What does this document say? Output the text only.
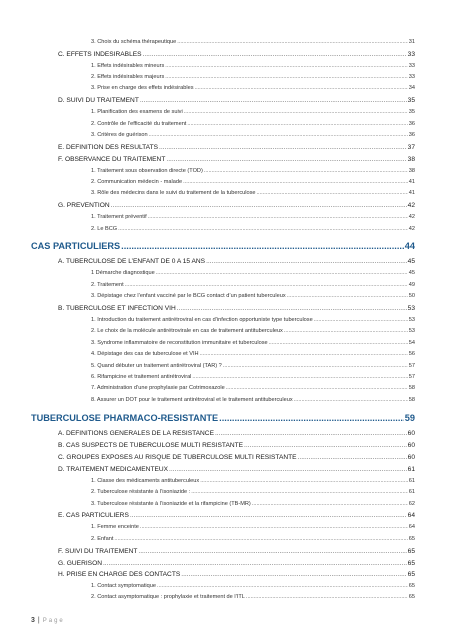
3. Choix du schéma thérapeutique .....	31
C. EFFETS INDESIRABLES .....	33
1. Effets indésirables mineurs .....	33
2. Effets indésirables majeurs .....	33
3. Prise en charge des effets indésirables .....	34
D. SUIVI DU TRAITEMENT .....	35
1. Planification des examens de suivi .....	35
2. Contrôle de l’efficacité du traitement .....	36
3. Critères de guérison .....	36
E. DEFINITION DES RESULTATS .....	37
F. OBSERVANCE DU TRAITEMENT .....	38
1. Traitement sous observation directe (TOD) .....	38
2. Communication médecin - malade .....	41
3. Rôle des médecins dans le suivi du traitement de la tuberculose .....	41
G. PREVENTION .....	42
1. Traitement préventif .....	42
2. Le BCG .....	42
CAS PARTICULIERS .....	44
A. TUBERCULOSE DE L’ENFANT DE 0 A 15 ANS .....	45
1 Démarche diagnostique .....	45
2. Traitement .....	49
3. Dépistage chez l’enfant vacciné par le BCG contact d’un patient tuberculeux .....	50
B. TUBERCULOSE ET INFECTION VIH .....	53
1. Introduction du traitement antirétroviral en cas d’infection opportuniste type tuberculose .....	53
2. Le choix de la molécule antirétrovirale en cas de traitement antituberculeux .....	53
3. Syndrome inflammatoire de reconstitution immunitaire et tuberculose .....	54
4. Dépistage des cas de tuberculose et VIH .....	56
5. Quand débuter un traitement antirétroviral (TAR) ? .....	57
6. Rifampicine et traitement antirétroviral .....	57
7. Administration d’une prophylaxie par Cotrimoxazole .....	58
8. Assurer un DOT pour le traitement antirétroviral et le traitement antituberculeux .....	58
TUBERCULOSE PHARMACO-RESISTANTE .....	59
A. DEFINITIONS GENERALES DE LA RESISTANCE .....	60
B. CAS SUSPECTS DE TUBERCULOSE MULTI RESISTANTE .....	60
C. GROUPES EXPOSES AU RISQUE DE TUBERCULOSE MULTI RESISTANTE .....	60
D. TRAITEMENT MEDICAMENTEUX .....	61
1. Classe des médicaments antituberculeux .....	61
2. Tuberculose résistante à l’isoniazide : .....	61
3. Tuberculose résistante à l’isoniazide et la rifampicine (TB-MR) .....	62
E. CAS PARTICULIERS .....	64
1. Femme enceinte .....	64
2. Enfant .....	65
F. SUIVI DU TRAITEMENT .....	65
G. GUERISON .....	65
H. PRISE EN CHARGE DES CONTACTS .....	65
1. Contact symptomatique .....	65
2. Contact asymptomatique : prophylaxie et traitement de l’ITL .....	65
3 | Page
